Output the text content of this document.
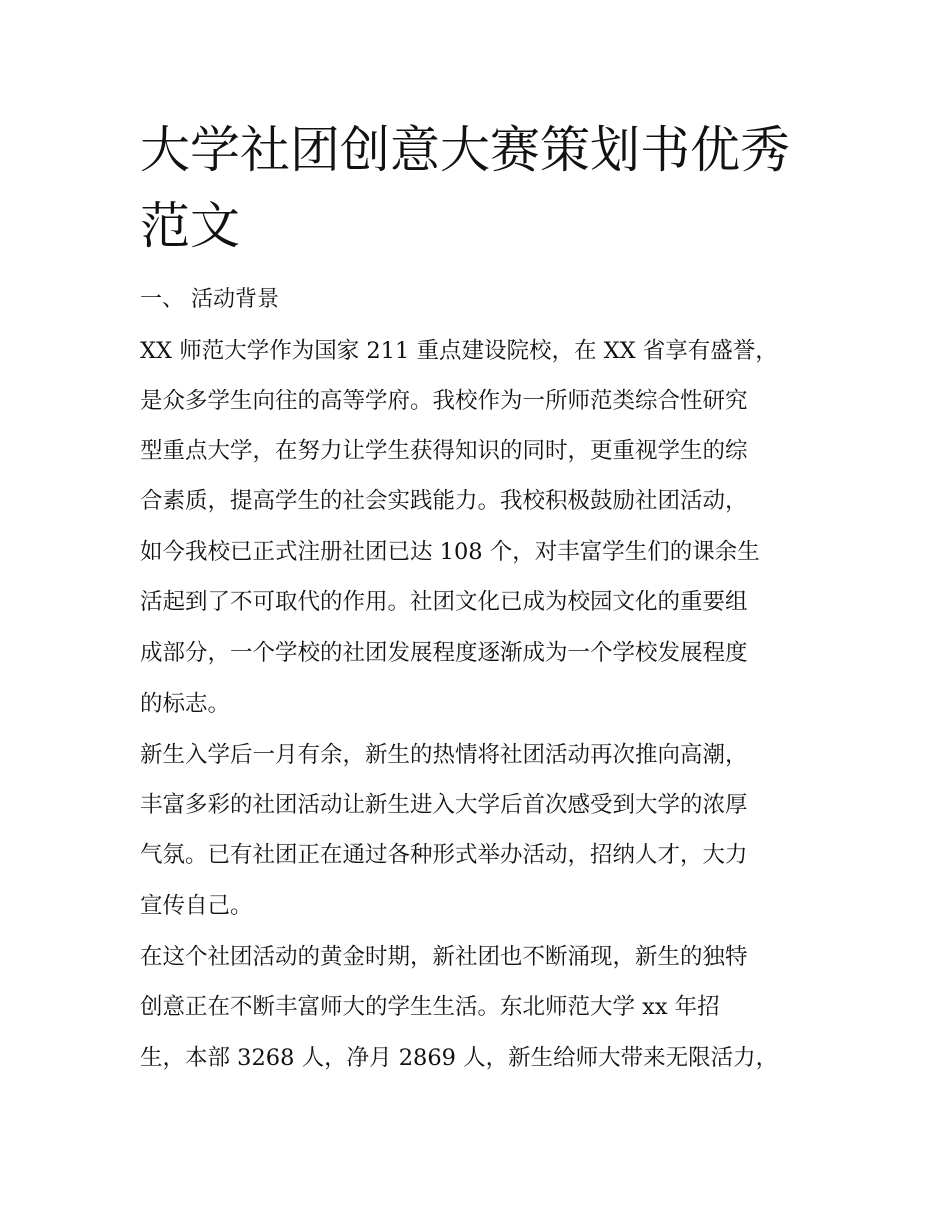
大学社团创意大赛策划书优秀范文
一、 活动背景

XX 师范大学作为国家 211 重点建设院校，在 XX 省享有盛誉，

是众多学生向往的高等学府。我校作为一所师范类综合性研究

型重点大学，在努力让学生获得知识的同时，更重视学生的综

合素质，提高学生的社会实践能力。我校积极鼓励社团活动，

如今我校已正式注册社团已达 108 个，对丰富学生们的课余生

活起到了不可取代的作用。社团文化已成为校园文化的重要组

成部分，一个学校的社团发展程度逐渐成为一个学校发展程度

的标志。

新生入学后一月有余，新生的热情将社团活动再次推向高潮，

丰富多彩的社团活动让新生进入大学后首次感受到大学的浓厚

气氛。已有社团正在通过各种形式举办活动，招纳人才，大力

宣传自己。

在这个社团活动的黄金时期，新社团也不断涌现，新生的独特

创意正在不断丰富师大的学生生活。东北师范大学 xx 年招

生，本部 3268 人，净月 2869 人，新生给师大带来无限活力，
